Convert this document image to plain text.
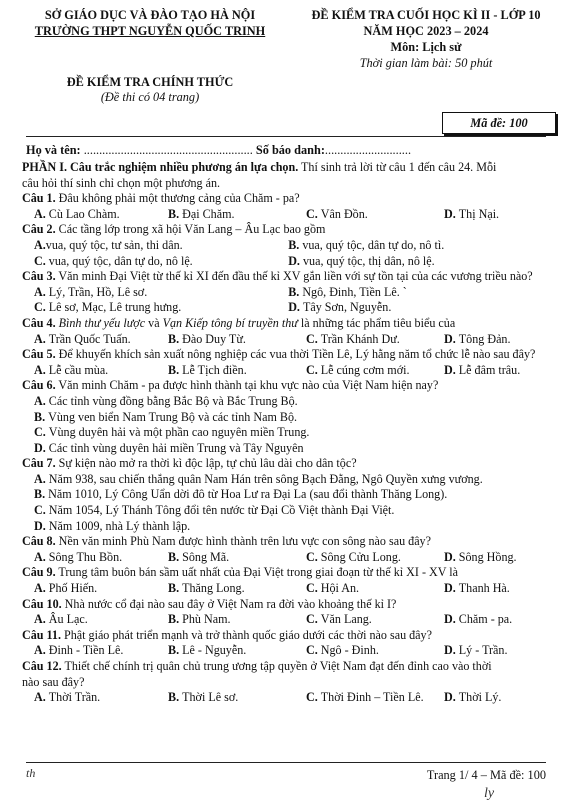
SỞ GIÁO DỤC VÀ ĐÀO TẠO HÀ NỘI
TRƯỜNG THPT NGUYỄN QUỐC TRINH
ĐỀ KIỂM TRA CUỐI HỌC KÌ II - LỚP 10
NĂM HỌC 2023 – 2024
Môn: Lịch sử
Thời gian làm bài: 50 phút
ĐỀ KIỂM TRA CHÍNH THỨC
(Đề thi có 04 trang)
Mã đề: 100
Họ và tên: ....................................................... Số báo danh:............................
PHẦN I. Câu trắc nghiệm nhiều phương án lựa chọn. Thí sinh trả lời từ câu 1 đến câu 24. Mỗi
câu hỏi thí sinh chỉ chọn một phương án.
Câu 1. Đâu không phải một thương cảng của Chăm - pa?
A. Cù Lao Chàm.	B. Đại Chăm.	C. Vân Đồn.	D. Thị Nại.
Câu 2. Các tầng lớp trong xã hội Văn Lang – Âu Lạc bao gồm
A.vua, quý tộc, tư sản, thi dân.	B. vua, quý tộc, dân tự do, nô tì.
C. vua, quý tộc, dân tự do, nô lệ.	D. vua, quý tộc, thị dân, nô lệ.
Câu 3. Văn minh Đại Việt từ thế kỉ XI đến đầu thế kỉ XV gắn liền với sự tồn tại của các vương triều nào?
A. Lý, Trần, Hồ, Lê sơ.	B. Ngô, Đinh, Tiền Lê. `
C. Lê sơ, Mạc, Lê trung hưng.	D. Tây Sơn, Nguyễn.
Câu 4. Bình thư yếu lược và Vạn Kiếp tông bí truyền thư là những tác phẩm tiêu biểu của
A. Trần Quốc Tuấn.	B. Đào Duy Từ.	C. Trần Khánh Dư.	D. Tông Đản.
Câu 5. Để khuyến khích sản xuất nông nghiệp các vua thời Tiền Lê, Lý hằng năm tổ chức lễ nào sau đây?
A. Lễ cầu mùa.	B. Lễ Tịch điền.	C. Lễ cúng cơm mới.	D. Lễ đâm trâu.
Câu 6. Văn minh Chăm - pa được hình thành tại khu vực nào của Việt Nam hiện nay?
A. Các tỉnh vùng đồng bằng Bắc Bộ và Bắc Trung Bộ.
B. Vùng ven biển Nam Trung Bộ và các tỉnh Nam Bộ.
C. Vùng duyên hải và một phần cao nguyên miền Trung.
D. Các tỉnh vùng duyên hải miền Trung và Tây Nguyên
Câu 7. Sự kiện nào mở ra thời kì độc lập, tự chủ lâu dài cho dân tộc?
A. Năm 938, sau chiến thắng quân Nam Hán trên sông Bạch Đằng, Ngô Quyền xưng vương.
B. Năm 1010, Lý Công Uẩn dời đô từ Hoa Lư ra Đại La (sau đổi thành Thăng Long).
C. Năm 1054, Lý Thánh Tông đổi tên nước từ Đại Cồ Việt thành Đại Việt.
D. Năm 1009, nhà Lý thành lập.
Câu 8. Nền văn minh Phù Nam được hình thành trên lưu vực con sông nào sau đây?
A. Sông Thu Bồn.	B. Sông Mã.	C. Sông Cửu Long.	D. Sông Hồng.
Câu 9. Trung tâm buôn bán sầm uất nhất của Đại Việt trong giai đoạn từ thế kỉ XI - XV là
A. Phố Hiến.	B. Thăng Long.	C. Hội An.	D. Thanh Hà.
Câu 10. Nhà nước cổ đại nào sau đây ở Việt Nam ra đời vào khoảng thế kỉ I?
A. Âu Lạc.	B. Phù Nam.	C. Văn Lang.	D. Chăm - pa.
Câu 11. Phật giáo phát triển mạnh và trở thành quốc giáo dưới các thời nào sau đây?
A. Đinh - Tiền Lê.	B. Lê - Nguyễn.	C. Ngô - Đinh.	D. Lý - Trần.
Câu 12. Thiết chế chính trị quân chủ trung ương tập quyền ở Việt Nam đạt đến đỉnh cao vào thời
nào sau đây?
A. Thời Trần.	B. Thời Lê sơ.	C. Thời Đinh – Tiền Lê.	D. Thời Lý.
th	Trang 1/ 4 – Mã đề: 100
ly
